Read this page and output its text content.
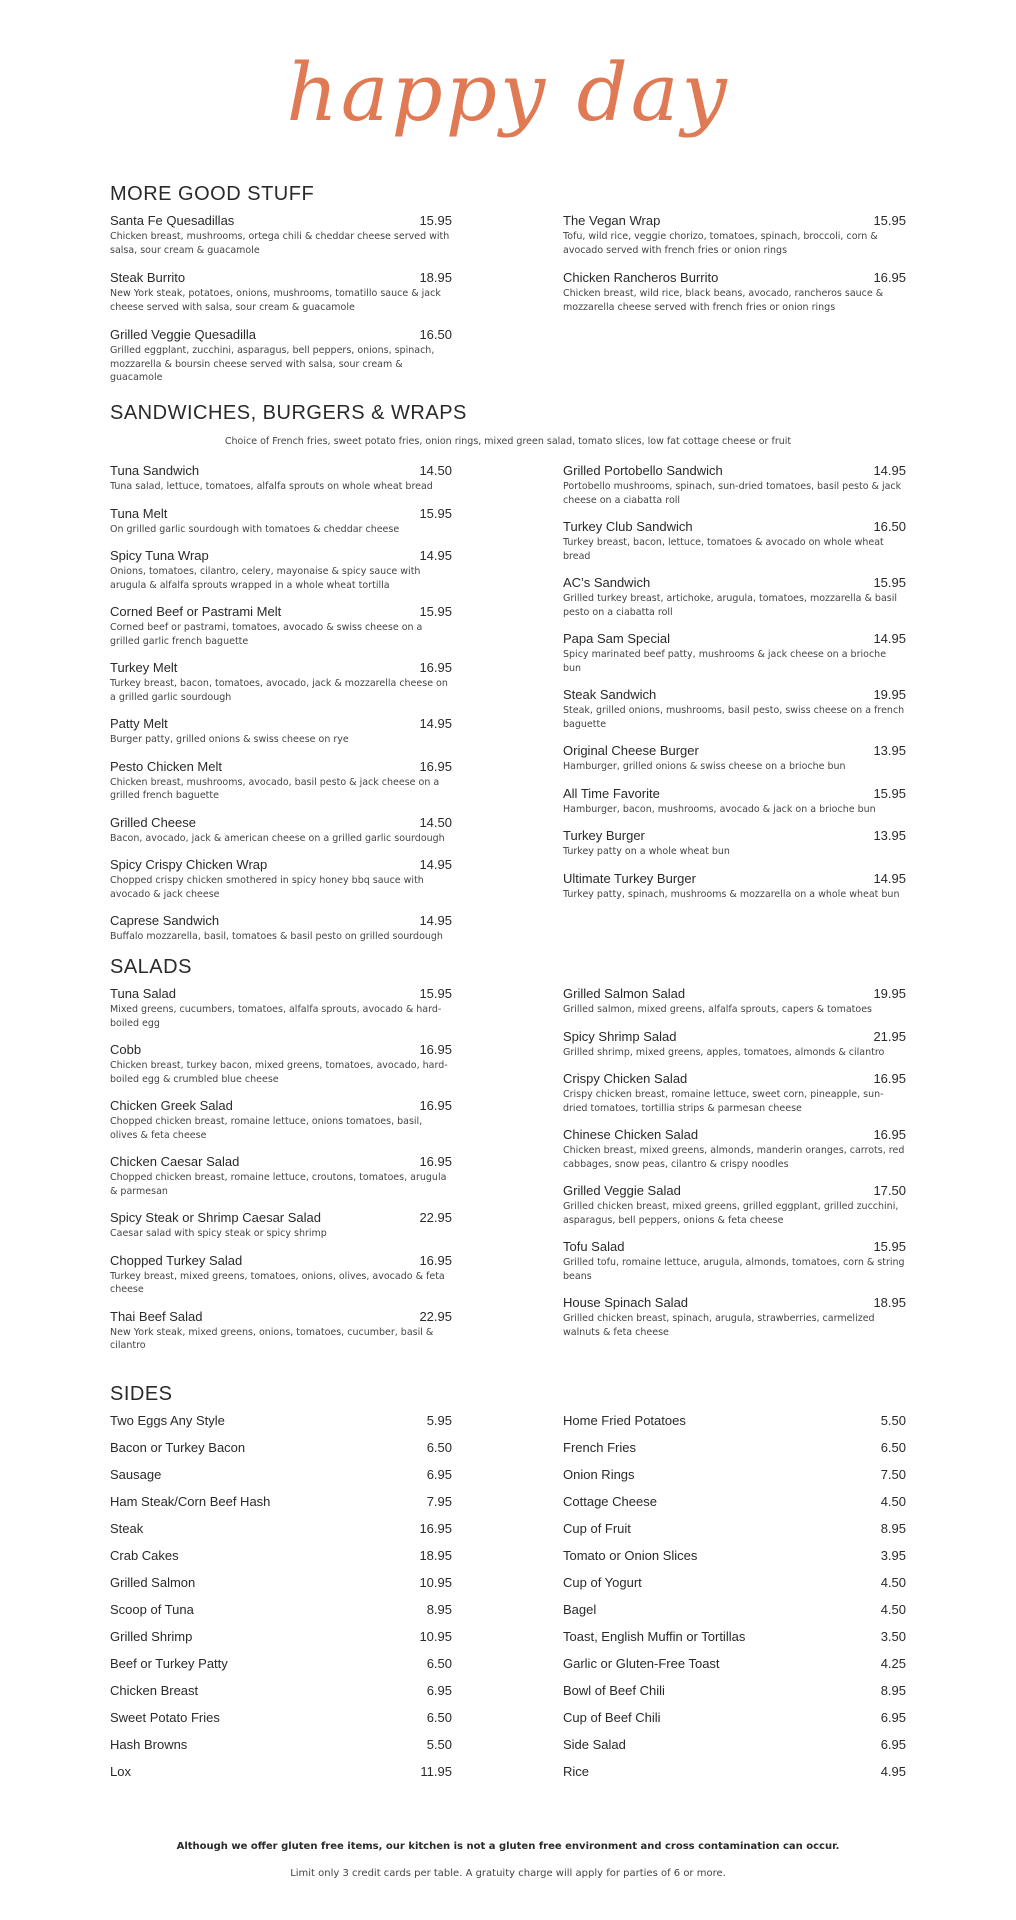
happy day
MORE GOOD STUFF
Santa Fe Quesadillas	15.95
Chicken breast, mushrooms, ortega chili & cheddar cheese served with salsa, sour cream & guacamole
Steak Burrito	18.95
New York steak, potatoes, onions, mushrooms, tomatillo sauce & jack cheese served with salsa, sour cream & guacamole
Grilled Veggie Quesadilla	16.50
Grilled eggplant, zucchini, asparagus, bell peppers, onions, spinach, mozzarella & boursin cheese served with salsa, sour cream & guacamole
The Vegan Wrap	15.95
Tofu, wild rice, veggie chorizo, tomatoes, spinach, broccoli, corn & avocado served with french fries or onion rings
Chicken Rancheros Burrito	16.95
Chicken breast, wild rice, black beans, avocado, rancheros sauce & mozzarella cheese served with french fries or onion rings
SANDWICHES, BURGERS & WRAPS
Choice of French fries, sweet potato fries, onion rings, mixed green salad, tomato slices, low fat cottage cheese or fruit
Tuna Sandwich	14.50
Tuna salad, lettuce, tomatoes, alfalfa sprouts on whole wheat bread
Tuna Melt	15.95
On grilled garlic sourdough with tomatoes & cheddar cheese
Spicy Tuna Wrap	14.95
Onions, tomatoes, cilantro, celery, mayonaise & spicy sauce with arugula & alfalfa sprouts wrapped in a whole wheat tortilla
Corned Beef or Pastrami Melt	15.95
Corned beef or pastrami, tomatoes, avocado & swiss cheese on a grilled garlic french baguette
Turkey Melt	16.95
Turkey breast, bacon, tomatoes, avocado, jack & mozzarella cheese on a grilled garlic sourdough
Patty Melt	14.95
Burger patty, grilled onions & swiss cheese on rye
Pesto Chicken Melt	16.95
Chicken breast, mushrooms, avocado, basil pesto & jack cheese on a grilled french baguette
Grilled Cheese	14.50
Bacon, avocado, jack & american cheese on a grilled garlic sourdough
Spicy Crispy Chicken Wrap	14.95
Chopped crispy chicken smothered in spicy honey bbq sauce with avocado & jack cheese
Caprese Sandwich	14.95
Buffalo mozzarella, basil, tomatoes & basil pesto on grilled sourdough
Grilled Portobello Sandwich	14.95
Portobello mushrooms, spinach, sun-dried tomatoes, basil pesto & jack cheese on a ciabatta roll
Turkey Club Sandwich	16.50
Turkey breast, bacon, lettuce, tomatoes & avocado on whole wheat bread
AC’s Sandwich	15.95
Grilled turkey breast, artichoke, arugula, tomatoes, mozzarella & basil pesto on a ciabatta roll
Papa Sam Special	14.95
Spicy marinated beef patty, mushrooms & jack cheese on a brioche bun
Steak Sandwich	19.95
Steak, grilled onions, mushrooms, basil pesto, swiss cheese on a french baguette
Original Cheese Burger	13.95
Hamburger, grilled onions & swiss cheese on a brioche bun
All Time Favorite	15.95
Hamburger, bacon, mushrooms, avocado & jack on a brioche bun
Turkey Burger	13.95
Turkey patty on a whole wheat bun
Ultimate Turkey Burger	14.95
Turkey patty, spinach, mushrooms & mozzarella on a whole wheat bun
SALADS
Tuna Salad	15.95
Mixed greens, cucumbers, tomatoes, alfalfa sprouts, avocado & hard-boiled egg
Cobb	16.95
Chicken breast, turkey bacon, mixed greens, tomatoes, avocado, hard-boiled egg & crumbled blue cheese
Chicken Greek Salad	16.95
Chopped chicken breast, romaine lettuce, onions tomatoes, basil, olives & feta cheese
Chicken Caesar Salad	16.95
Chopped chicken breast, romaine lettuce, croutons, tomatoes, arugula & parmesan
Spicy Steak or Shrimp Caesar Salad	22.95
Caesar salad with spicy steak or spicy shrimp
Chopped Turkey Salad	16.95
Turkey breast, mixed greens, tomatoes, onions, olives, avocado & feta cheese
Thai Beef Salad	22.95
New York steak, mixed greens, onions, tomatoes, cucumber, basil & cilantro
Grilled Salmon Salad	19.95
Grilled salmon, mixed greens, alfalfa sprouts, capers & tomatoes
Spicy Shrimp Salad	21.95
Grilled shrimp, mixed greens, apples, tomatoes, almonds & cilantro
Crispy Chicken Salad	16.95
Crispy chicken breast, romaine lettuce, sweet corn, pineapple, sun-dried tomatoes, tortillia strips & parmesan cheese
Chinese Chicken Salad	16.95
Chicken breast, mixed greens, almonds, manderin oranges, carrots, red cabbages, snow peas, cilantro & crispy noodles
Grilled Veggie Salad	17.50
Grilled chicken breast, mixed greens, grilled eggplant, grilled zucchini, asparagus, bell peppers, onions & feta cheese
Tofu Salad	15.95
Grilled tofu, romaine lettuce, arugula, almonds, tomatoes, corn & string beans
House Spinach Salad	18.95
Grilled chicken breast, spinach, arugula, strawberries, carmelized walnuts & feta cheese
SIDES
Two Eggs Any Style	5.95
Bacon or Turkey Bacon	6.50
Sausage	6.95
Ham Steak/Corn Beef Hash	7.95
Steak	16.95
Crab Cakes	18.95
Grilled Salmon	10.95
Scoop of Tuna	8.95
Grilled Shrimp	10.95
Beef or Turkey Patty	6.50
Chicken Breast	6.95
Sweet Potato Fries	6.50
Hash Browns	5.50
Lox	11.95
Home Fried Potatoes	5.50
French Fries	6.50
Onion Rings	7.50
Cottage Cheese	4.50
Cup of Fruit	8.95
Tomato or Onion Slices	3.95
Cup of Yogurt	4.50
Bagel	4.50
Toast, English Muffin or Tortillas	3.50
Garlic or Gluten-Free Toast	4.25
Bowl of Beef Chili	8.95
Cup of Beef Chili	6.95
Side Salad	6.95
Rice	4.95
Although we offer gluten free items, our kitchen is not a gluten free environment and cross contamination can occur.
Limit only 3 credit cards per table. A gratuity charge will apply for parties of 6 or more.
